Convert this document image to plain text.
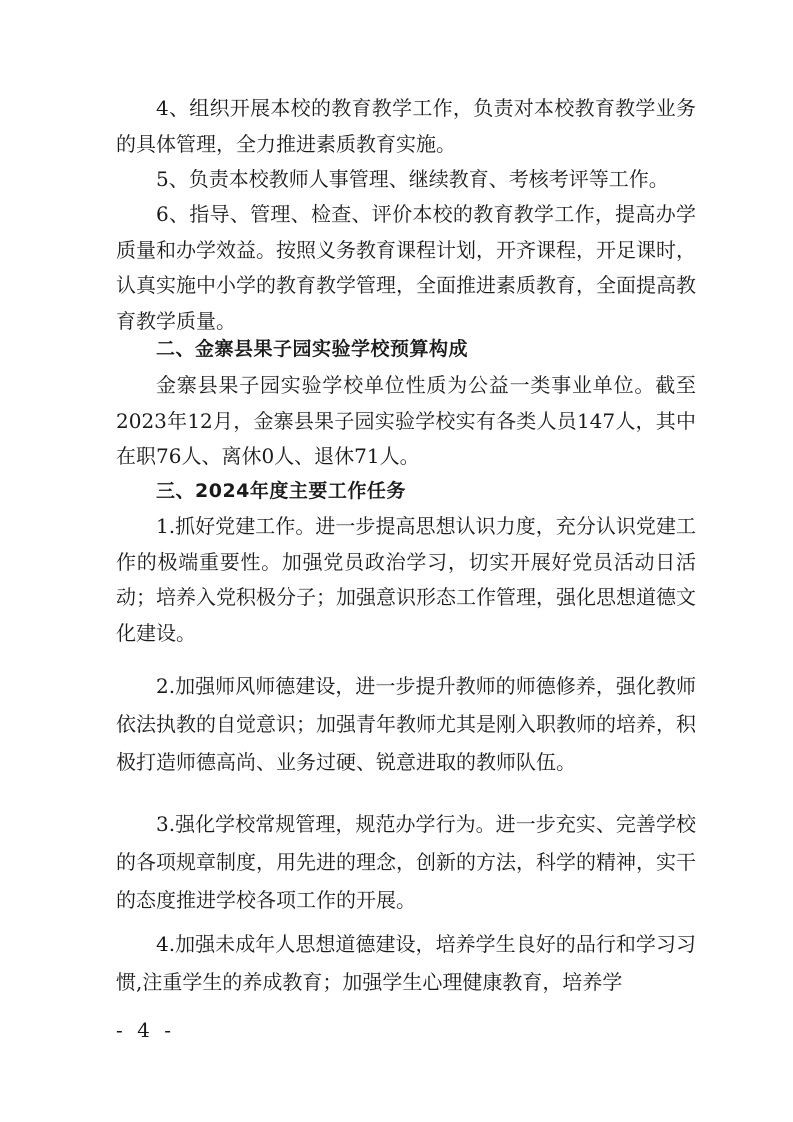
4、组织开展本校的教育教学工作，负责对本校教育教学业务的具体管理，全力推进素质教育实施。

5、负责本校教师人事管理、继续教育、考核考评等工作。

6、指导、管理、检查、评价本校的教育教学工作，提高办学质量和办学效益。按照义务教育课程计划，开齐课程，开足课时，认真实施中小学的教育教学管理，全面推进素质教育，全面提高教育教学质量。

二、金寨县果子园实验学校预算构成

金寨县果子园实验学校单位性质为公益一类事业单位。截至2023年12月，金寨县果子园实验学校实有各类人员147人，其中在职76人、离休0人、退休71人。

三、2024年度主要工作任务

1.抓好党建工作。进一步提高思想认识力度，充分认识党建工作的极端重要性。加强党员政治学习，切实开展好党员活动日活动；培养入党积极分子；加强意识形态工作管理，强化思想道德文化建设。

2.加强师风师德建设，进一步提升教师的师德修养，强化教师依法执教的自觉意识；加强青年教师尤其是刚入职教师的培养，积极打造师德高尚、业务过硬、锐意进取的教师队伍。

3.强化学校常规管理，规范办学行为。进一步充实、完善学校的各项规章制度，用先进的理念，创新的方法，科学的精神，实干的态度推进学校各项工作的开展。

4.加强未成年人思想道德建设，培养学生良好的品行和学习习惯,注重学生的养成教育；加强学生心理健康教育，培养学

- 4 -
